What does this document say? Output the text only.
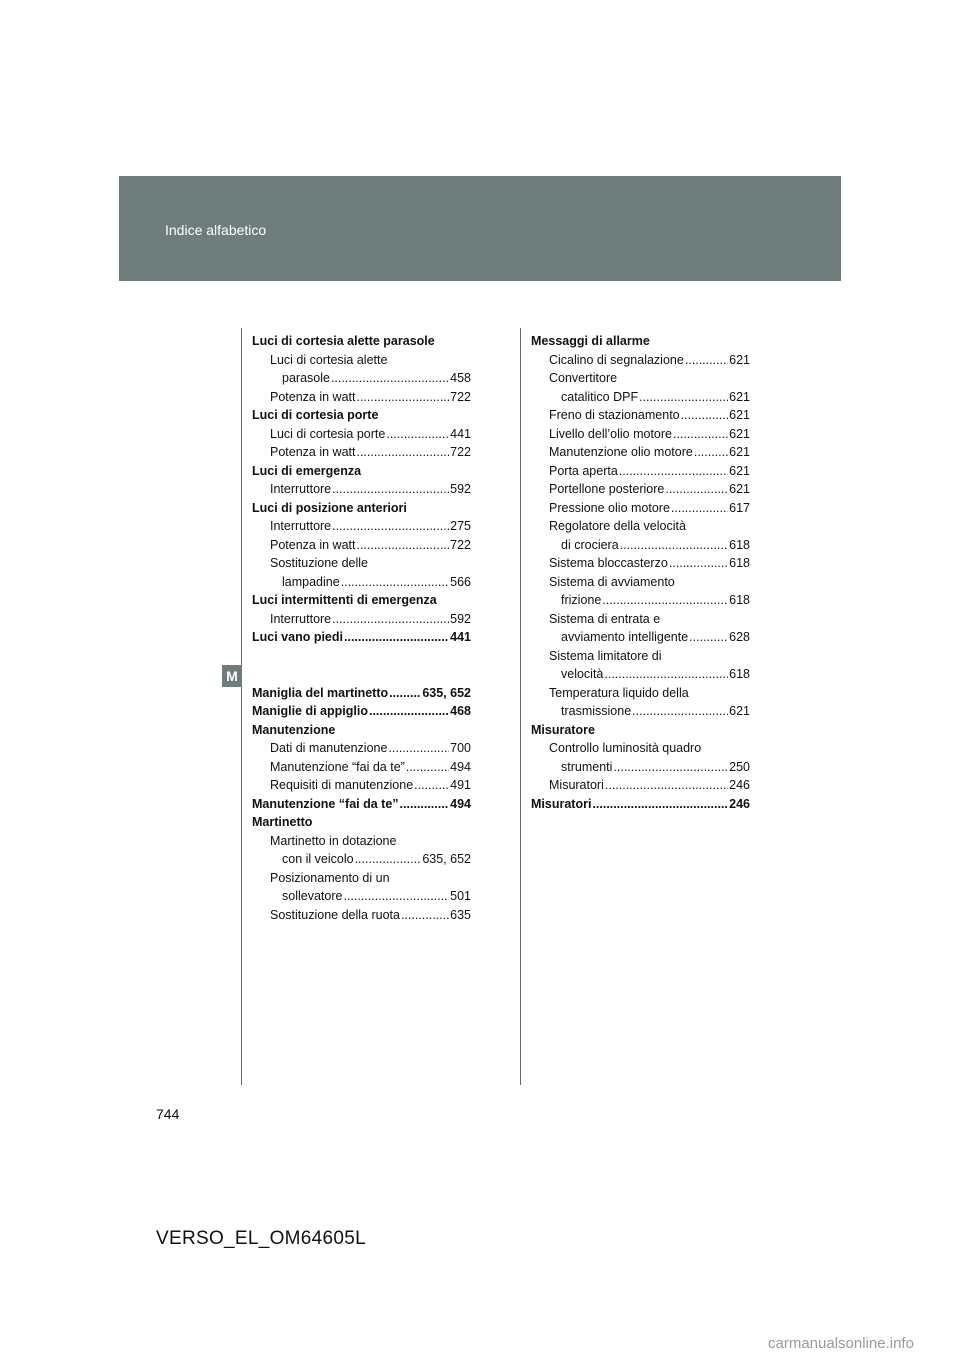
Indice alfabetico
M
Luci di cortesia alette parasole
Luci di cortesia alette
parasole .....	458
Potenza in watt .....	722
Luci di cortesia porte
Luci di cortesia porte .....	441
Potenza in watt .....	722
Luci di emergenza
Interruttore .....	592
Luci di posizione anteriori
Interruttore .....	275
Potenza in watt .....	722
Sostituzione delle
lampadine .....	566
Luci intermittenti di emergenza
Interruttore .....	592
Luci vano piedi .....	441
Maniglia del martinetto .....	635, 652
Maniglie di appiglio .....	468
Manutenzione
Dati di manutenzione .....	700
Manutenzione “fai da te” .....	494
Requisiti di manutenzione .....	491
Manutenzione “fai da te” .....	494
Martinetto
Martinetto in dotazione
con il veicolo .....	635, 652
Posizionamento di un
sollevatore .....	501
Sostituzione della ruota .....	635
Messaggi di allarme
Cicalino di segnalazione .....	621
Convertitore
catalitico DPF .....	621
Freno di stazionamento .....	621
Livello dell’olio motore .....	621
Manutenzione olio motore .....	621
Porta aperta .....	621
Portellone posteriore .....	621
Pressione olio motore .....	617
Regolatore della velocità
di crociera .....	618
Sistema bloccasterzo .....	618
Sistema di avviamento
frizione .....	618
Sistema di entrata e
avviamento intelligente .....	628
Sistema limitatore di
velocità .....	618
Temperatura liquido della
trasmissione .....	621
Misuratore
Controllo luminosità quadro
strumenti .....	250
Misuratori .....	246
Misuratori .....	246
744
VERSO_EL_OM64605L
carmanualsonline.info
